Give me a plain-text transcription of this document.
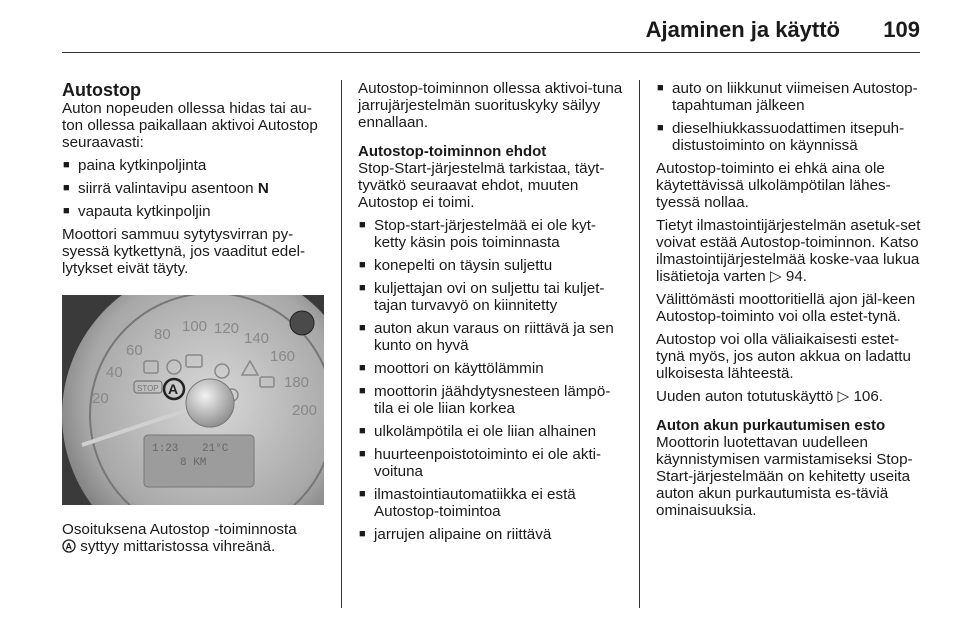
Ajaminen ja käyttö 109
Autostop

Auton nopeuden ollessa hidas tai au-ton ollessa paikallaan aktivoi Autostop seuraavasti:

■ paina kytkinpoljinta
■ siirrä valintavipu asentoon N
■ vapauta kytkinpoljin

Moottori sammuu sytytysvirran py-syessä kytkettynä, jos vaaditut edel-lytykset eivät täyty.

20
40
60
80 100 120
140
160
180
200
A
STOP
1:23 21°C
8 KM

Osoituksena Autostop -toiminnosta

A syttyy mittaristossa vihreänä.

Autostop-toiminnon ollessa aktivoi-tuna jarrujärjestelmän suorituskyky säilyy ennallaan.

Autostop-toiminnon ehdot

Stop-Start-järjestelmä tarkistaa, täyt-tyvätkö seuraavat ehdot, muuten Autostop ei toimi.

■ Stop-start-järjestelmää ei ole kyt-ketty käsin pois toiminnasta
■ konepelti on täysin suljettu
■ kuljettajan ovi on suljettu tai kuljet-tajan turvavyö on kiinnitetty
■ auton akun varaus on riittävä ja sen kunto on hyvä
■ moottori on käyttölämmin
■ moottorin jäähdytysnesteen lämpö-tila ei ole liian korkea
■ ulkolämpötila ei ole liian alhainen
■ huurteenpoistotoiminto ei ole akti-voituna
■ ilmastointiautomatiikka ei estä Autostop-toimintoa
■ jarrujen alipaine on riittävä
■ auto on liikkunut viimeisen Autostop-tapahtuman jälkeen
■ dieselhiukkassuodattimen itsepuh-distustoiminto on käynnissä

Autostop-toiminto ei ehkä aina ole käytettävissä ulkolämpötilan lähes-tyessä nollaa.

Tietyt ilmastointijärjestelmän asetuk-set voivat estää Autostop-toiminnon. Katso ilmastointijärjestelmää koske-vaa lukua lisätietoja varten ▷ 94.

Välittömästi moottoritiellä ajon jäl-keen Autostop-toiminto voi olla estet-tynä.

Autostop voi olla väliaikaisesti estet-tynä myös, jos auton akkua on ladattu ulkoisesta lähteestä.

Uuden auton totutuskäyttö ▷ 106.

Auton akun purkautumisen esto

Moottorin luotettavan uudelleen käynnistymisen varmistamiseksi Stop-Start-järjestelmään on kehitetty useita auton akun purkautumista es-täviä ominaisuuksia.
